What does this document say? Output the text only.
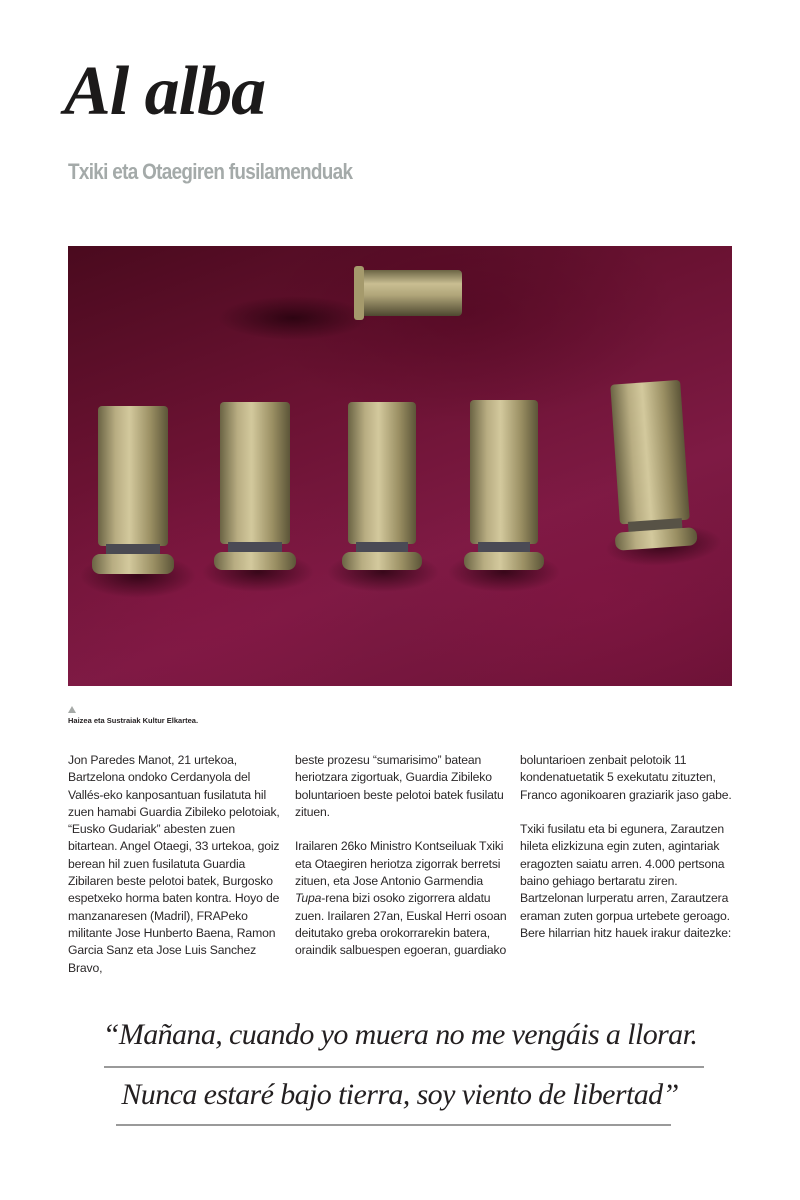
Al alba
Txiki eta Otaegiren fusilamenduak
Haizea eta Sustraiak Kultur Elkartea.

Jon Paredes Manot, 21 urtekoa, Bartzelona ondoko Cerdanyola del Vallés-eko kanposantuan fusilatuta hil zuen hamabi Guardia Zibileko pelotoiak, “Eusko Gudariak” abesten zuen bitartean. Angel Otaegi, 33 urtekoa, goiz berean hil zuen fusilatuta Guardia Zibilaren beste pelotoi batek, Burgosko espetxeko horma baten kontra. Hoyo de manzanaresen (Madril), FRAPeko militante Jose Hunberto Baena, Ramon Garcia Sanz eta Jose Luis Sanchez Bravo,

beste prozesu “sumarisimo” batean heriotzara zigortuak, Guardia Zibileko boluntarioen beste pelotoi batek fusilatu zituen.

Irailaren 26ko Ministro Kontseiluak Txiki eta Otaegiren heriotza zigorrak berretsi zituen, eta Jose Antonio Garmendia Tupa-rena bizi osoko zigorrera aldatu zuen. Irailaren 27an, Euskal Herri osoan deitutako greba orokorrarekin batera, oraindik salbuespen egoeran, guardiako

boluntarioen zenbait pelotoik 11 kondenatuetatik 5 exekutatu zituzten, Franco agonikoaren graziarik jaso gabe.

Txiki fusilatu eta bi egunera, Zarautzen hileta elizkizuna egin zuten, agintariak eragozten saiatu arren. 4.000 pertsona baino gehiago bertaratu ziren. Bartzelonan lurperatu arren, Zarautzera eraman zuten gorpua urtebete geroago. Bere hilarrian hitz hauek irakur daitezke:

“Mañana, cuando yo muera no me vengáis a llorar.
Nunca estaré bajo tierra, soy viento de libertad”
